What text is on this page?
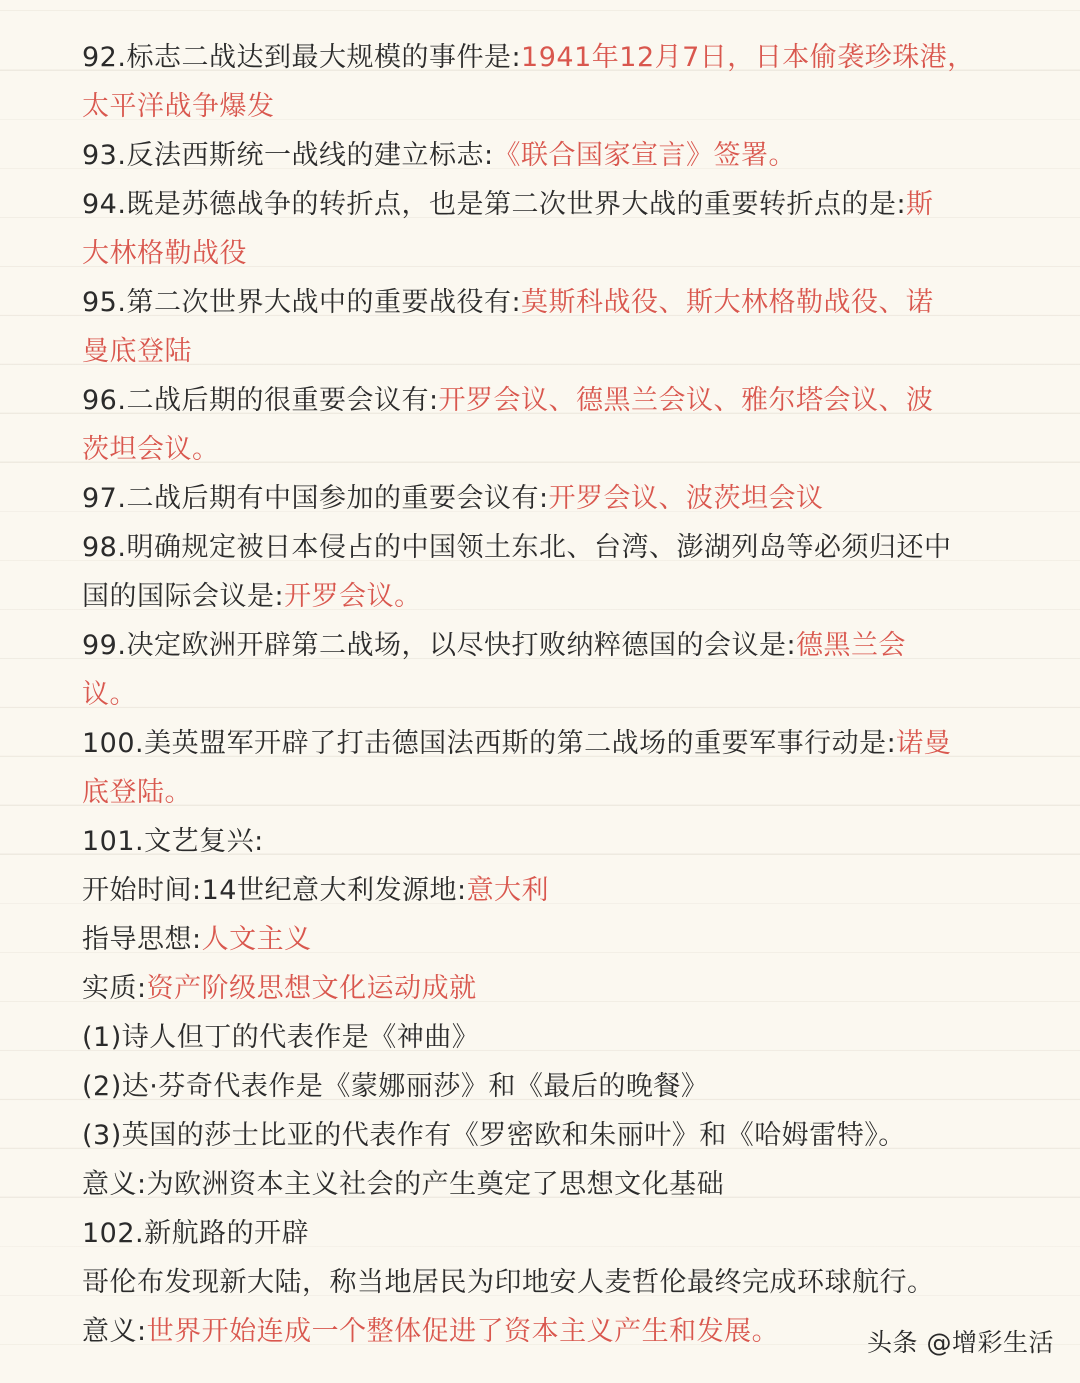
92.标志二战达到最大规模的事件是:1941年12月7日，日本偷袭珍珠港，
太平洋战争爆发
93.反法西斯统一战线的建立标志:《联合国家宣言》签署。
94.既是苏德战争的转折点，也是第二次世界大战的重要转折点的是:斯
大林格勒战役
95.第二次世界大战中的重要战役有:莫斯科战役、斯大林格勒战役、诺
曼底登陆
96.二战后期的很重要会议有:开罗会议、德黑兰会议、雅尔塔会议、波
茨坦会议。
97.二战后期有中国参加的重要会议有:开罗会议、波茨坦会议
98.明确规定被日本侵占的中国领土东北、台湾、澎湖列岛等必须归还中
国的国际会议是:开罗会议。
99.决定欧洲开辟第二战场，以尽快打败纳粹德国的会议是:德黑兰会
议。
100.美英盟军开辟了打击德国法西斯的第二战场的重要军事行动是:诺曼
底登陆。
101.文艺复兴:
开始时间:14世纪意大利发源地:意大利
指导思想:人文主义
实质:资产阶级思想文化运动成就
(1)诗人但丁的代表作是《神曲》
(2)达·芬奇代表作是《蒙娜丽莎》和《最后的晚餐》
(3)英国的莎士比亚的代表作有《罗密欧和朱丽叶》和《哈姆雷特》。
意义:为欧洲资本主义社会的产生奠定了思想文化基础
102.新航路的开辟
哥伦布发现新大陆，称当地居民为印地安人麦哲伦最终完成环球航行。
意义:世界开始连成一个整体促进了资本主义产生和发展。	头条 @增彩生活
